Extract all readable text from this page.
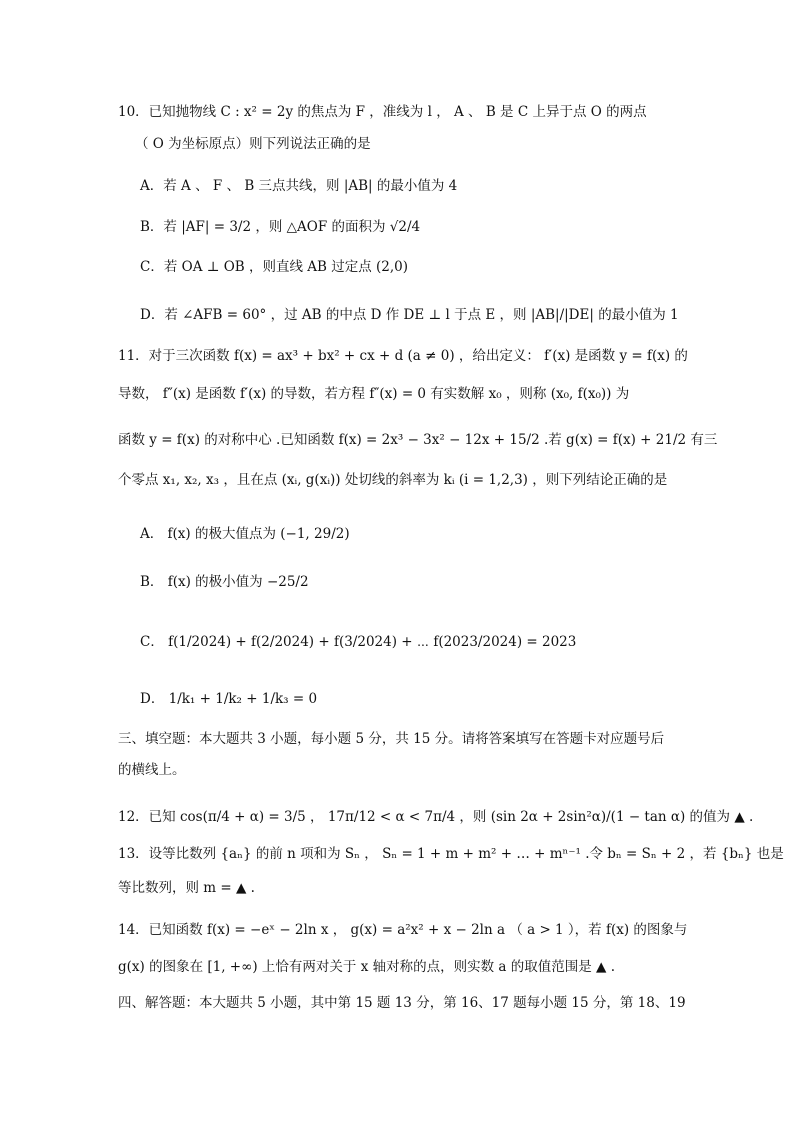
10．已知抛物线 C : x² = 2y 的焦点为 F ，准线为 l ， A 、 B 是 C 上异于点 O 的两点
（ O 为坐标原点）则下列说法正确的是
A．若 A 、 F 、 B 三点共线，则 |AB| 的最小值为 4
B．若 |AF| = 3/2 ，则 △AOF 的面积为 √2/4
C．若 OA ⊥ OB ，则直线 AB 过定点 (2,0)
D．若 ∠AFB = 60° ，过 AB 的中点 D 作 DE ⊥ l 于点 E ，则 |AB|/|DE| 的最小值为 1
11．对于三次函数 f(x) = ax³ + bx² + cx + d (a ≠ 0) ，给出定义： f′(x) 是函数 y = f(x) 的
导数， f″(x) 是函数 f′(x) 的导数，若方程 f″(x) = 0 有实数解 x₀ ，则称 (x₀, f(x₀)) 为
函数 y = f(x) 的对称中心 .已知函数 f(x) = 2x³ − 3x² − 12x + 15/2 .若 g(x) = f(x) + 21/2 有三
个零点 x₁, x₂, x₃ ，且在点 (xᵢ, g(xᵢ)) 处切线的斜率为 kᵢ (i = 1,2,3) ，则下列结论正确的是
A． f(x) 的极大值点为 (−1, 29/2)
B． f(x) 的极小值为 −25/2
C． f(1/2024) + f(2/2024) + f(3/2024) + ⋯ f(2023/2024) = 2023
D． 1/k₁ + 1/k₂ + 1/k₃ = 0
三、填空题：本大题共 3 小题，每小题 5 分，共 15 分。请将答案填写在答题卡对应题号后
的横线上。
12．已知 cos(π/4 + α) = 3/5 ， 17π/12 < α < 7π/4 ，则 (sin 2α + 2sin²α)/(1 − tan α) 的值为 ▲ .
13．设等比数列 {aₙ} 的前 n 项和为 Sₙ ， Sₙ = 1 + m + m² + … + mⁿ⁻¹ .令 bₙ = Sₙ + 2 ，若 {bₙ} 也是
等比数列，则 m = ▲ .
14．已知函数 f(x) = −eˣ − 2ln x ， g(x) = a²x² + x − 2ln a （ a > 1 ），若 f(x) 的图象与
g(x) 的图象在 [1, +∞) 上恰有两对关于 x 轴对称的点，则实数 a 的取值范围是 ▲ .
四、解答题：本大题共 5 小题，其中第 15 题 13 分，第 16、17 题每小题 15 分，第 18、19
